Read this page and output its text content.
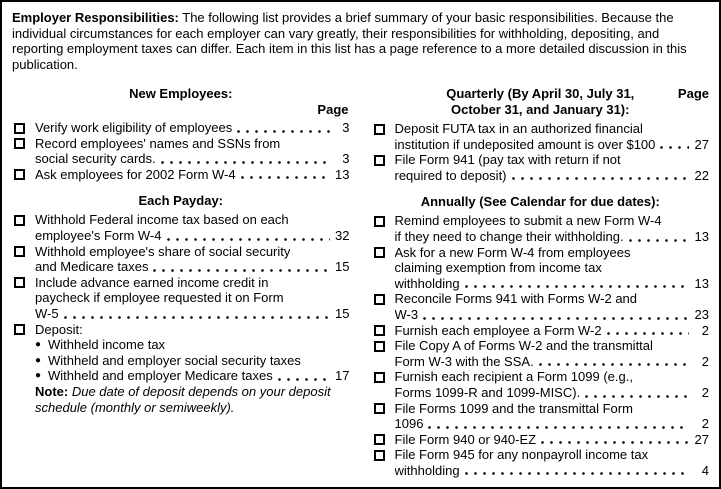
Employer Responsibilities: The following list provides a brief summary of your basic responsibilities. Because the individual circumstances for each employer can vary greatly, their responsibilities for withholding, depositing, and reporting employment taxes can differ. Each item in this list has a page reference to a more detailed discussion in this publication.

New Employees:
Page
Verify work eligibility of employees	3
Record employees' names and SSNs from
social security cards.	3
Ask employees for 2002 Form W-4	13
Each Payday:
Withhold Federal income tax based on each
employee's Form W-4	32
Withhold employee's share of social security
and Medicare taxes	15
Include advance earned income credit in
paycheck if employee requested it on Form
W-5	15
Deposit:
● Withheld income tax
● Withheld and employer social security taxes
● Withheld and employer Medicare taxes	17
Note: Due date of deposit depends on your deposit schedule (monthly or semiweekly).
Quarterly (By April 30, July 31,
October 31, and January 31):
Page
Deposit FUTA tax in an authorized financial
institution if undeposited amount is over $100	27
File Form 941 (pay tax with return if not
required to deposit)	22
Annually (See Calendar for due dates):
Remind employees to submit a new Form W-4
if they need to change their withholding.	13
Ask for a new Form W-4 from employees
claiming exemption from income tax
withholding	13
Reconcile Forms 941 with Forms W-2 and
W-3	23
Furnish each employee a Form W-2	2
File Copy A of Forms W-2 and the transmittal
Form W-3 with the SSA.	2
Furnish each recipient a Form 1099 (e.g.,
Forms 1099-R and 1099-MISC).	2
File Forms 1099 and the transmittal Form
1096	2
File Form 940 or 940-EZ	27
File Form 945 for any nonpayroll income tax
withholding	4
